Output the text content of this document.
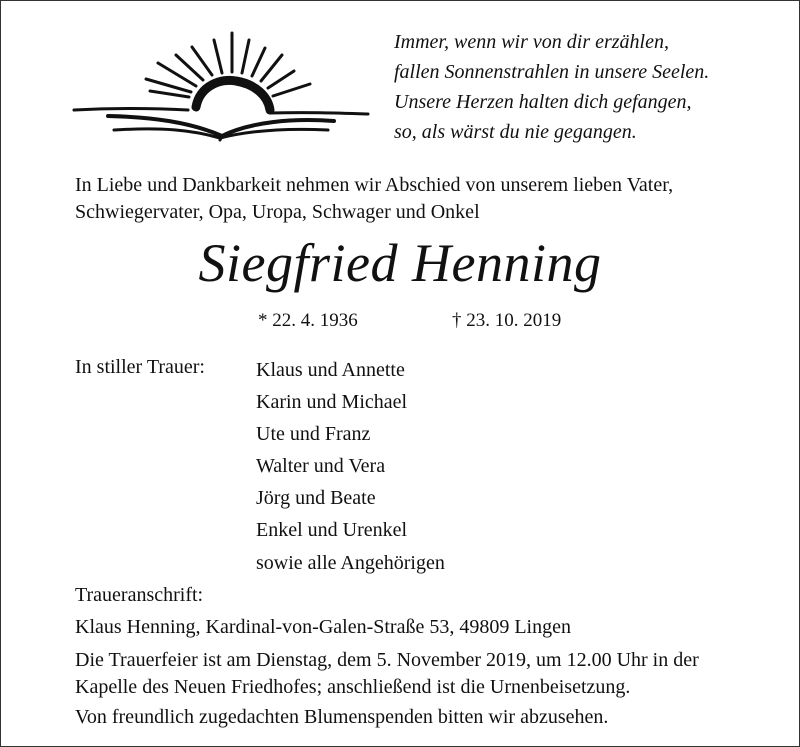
Immer, wenn wir von dir erzählen,
fallen Sonnenstrahlen in unsere Seelen.
Unsere Herzen halten dich gefangen,
so, als wärst du nie gegangen.
In Liebe und Dankbarkeit nehmen wir Abschied von unserem lieben Vater,
Schwiegervater, Opa, Uropa, Schwager und Onkel
Siegfried Henning
* 22. 4. 1936	† 23. 10. 2019
In stiller Trauer:	Klaus und Annette
Karin und Michael
Ute und Franz
Walter und Vera
Jörg und Beate
Enkel und Urenkel
sowie alle Angehörigen
Traueranschrift:
Klaus Henning, Kardinal-von-Galen-Straße 53, 49809 Lingen
Die Trauerfeier ist am Dienstag, dem 5. November 2019, um 12.00 Uhr in der Kapelle des Neuen Friedhofes; anschließend ist die Urnenbeisetzung.
Von freundlich zugedachten Blumenspenden bitten wir abzusehen.
